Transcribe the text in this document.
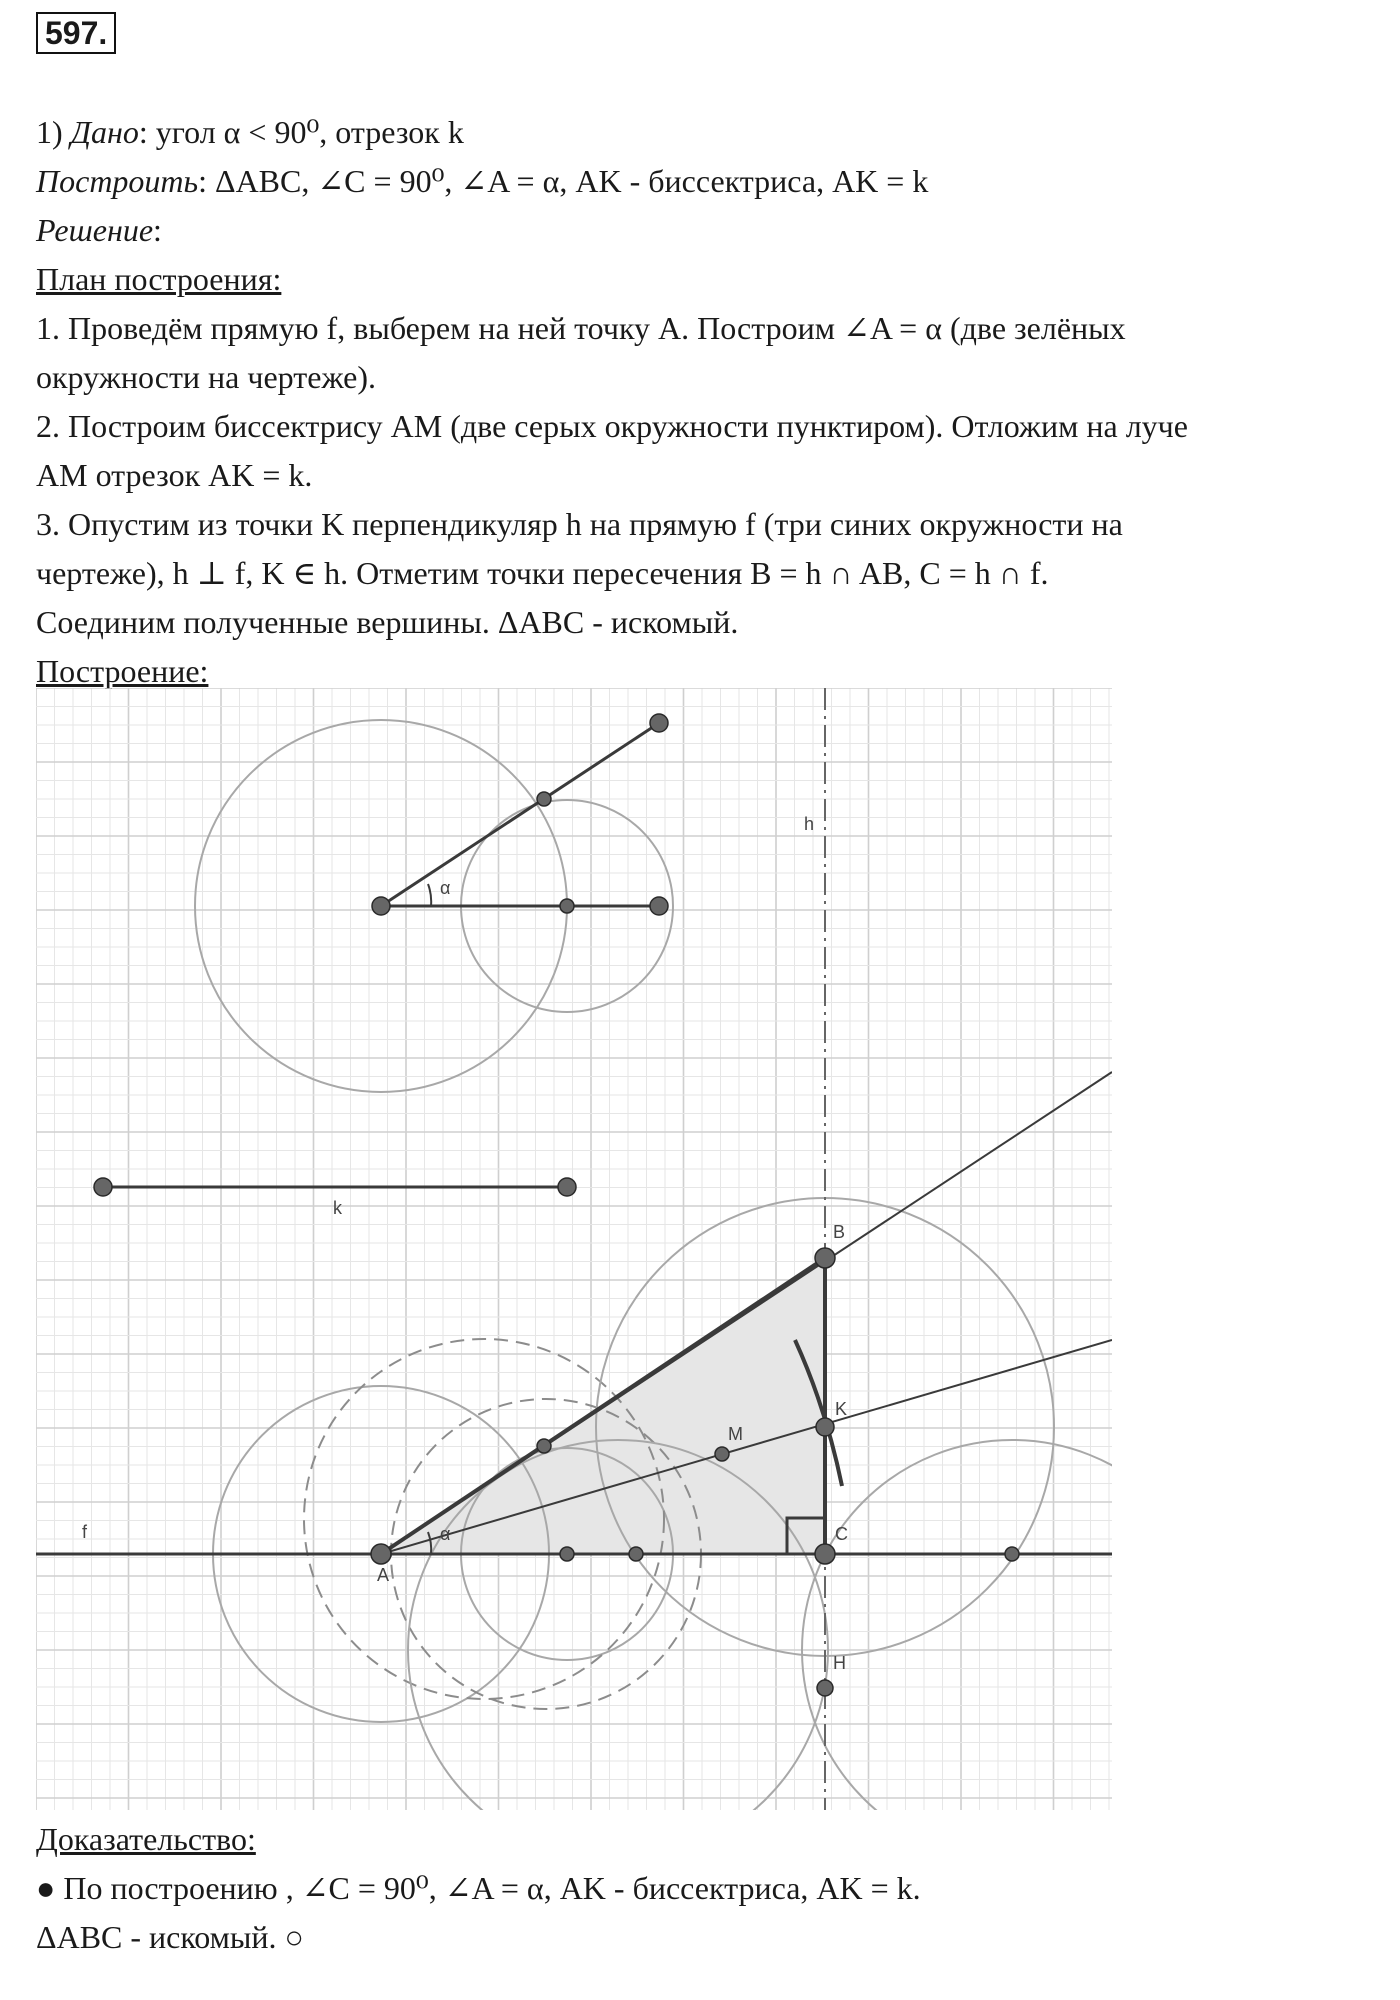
597.
1) Дано: угол α < 90⁰, отрезок k
Построить: ΔABC, ∠C = 90⁰, ∠A = α, AK - биссектриса, AK = k
Решение:
План построения:
1. Проведём прямую f, выберем на ней точку A. Построим ∠A = α (две зелёных
окружности на чертеже).
2. Построим биссектрису AM (две серых окружности пунктиром). Отложим на луче
AM отрезок AK = k.
3. Опустим из точки K перпендикуляр h на прямую f (три синих окружности на
чертеже), h ⊥ f, K ∈ h. Отметим точки пересечения B = h ∩ AB, C = h ∩ f.
Соединим полученные вершины. ΔABC - искомый.
Построение:
α
α
k
h
f
A
B
C
K
M
H
Доказательство:
● По построению , ∠C = 90⁰, ∠A = α, AK - биссектриса, AK = k.
ΔABC - искомый. ○
